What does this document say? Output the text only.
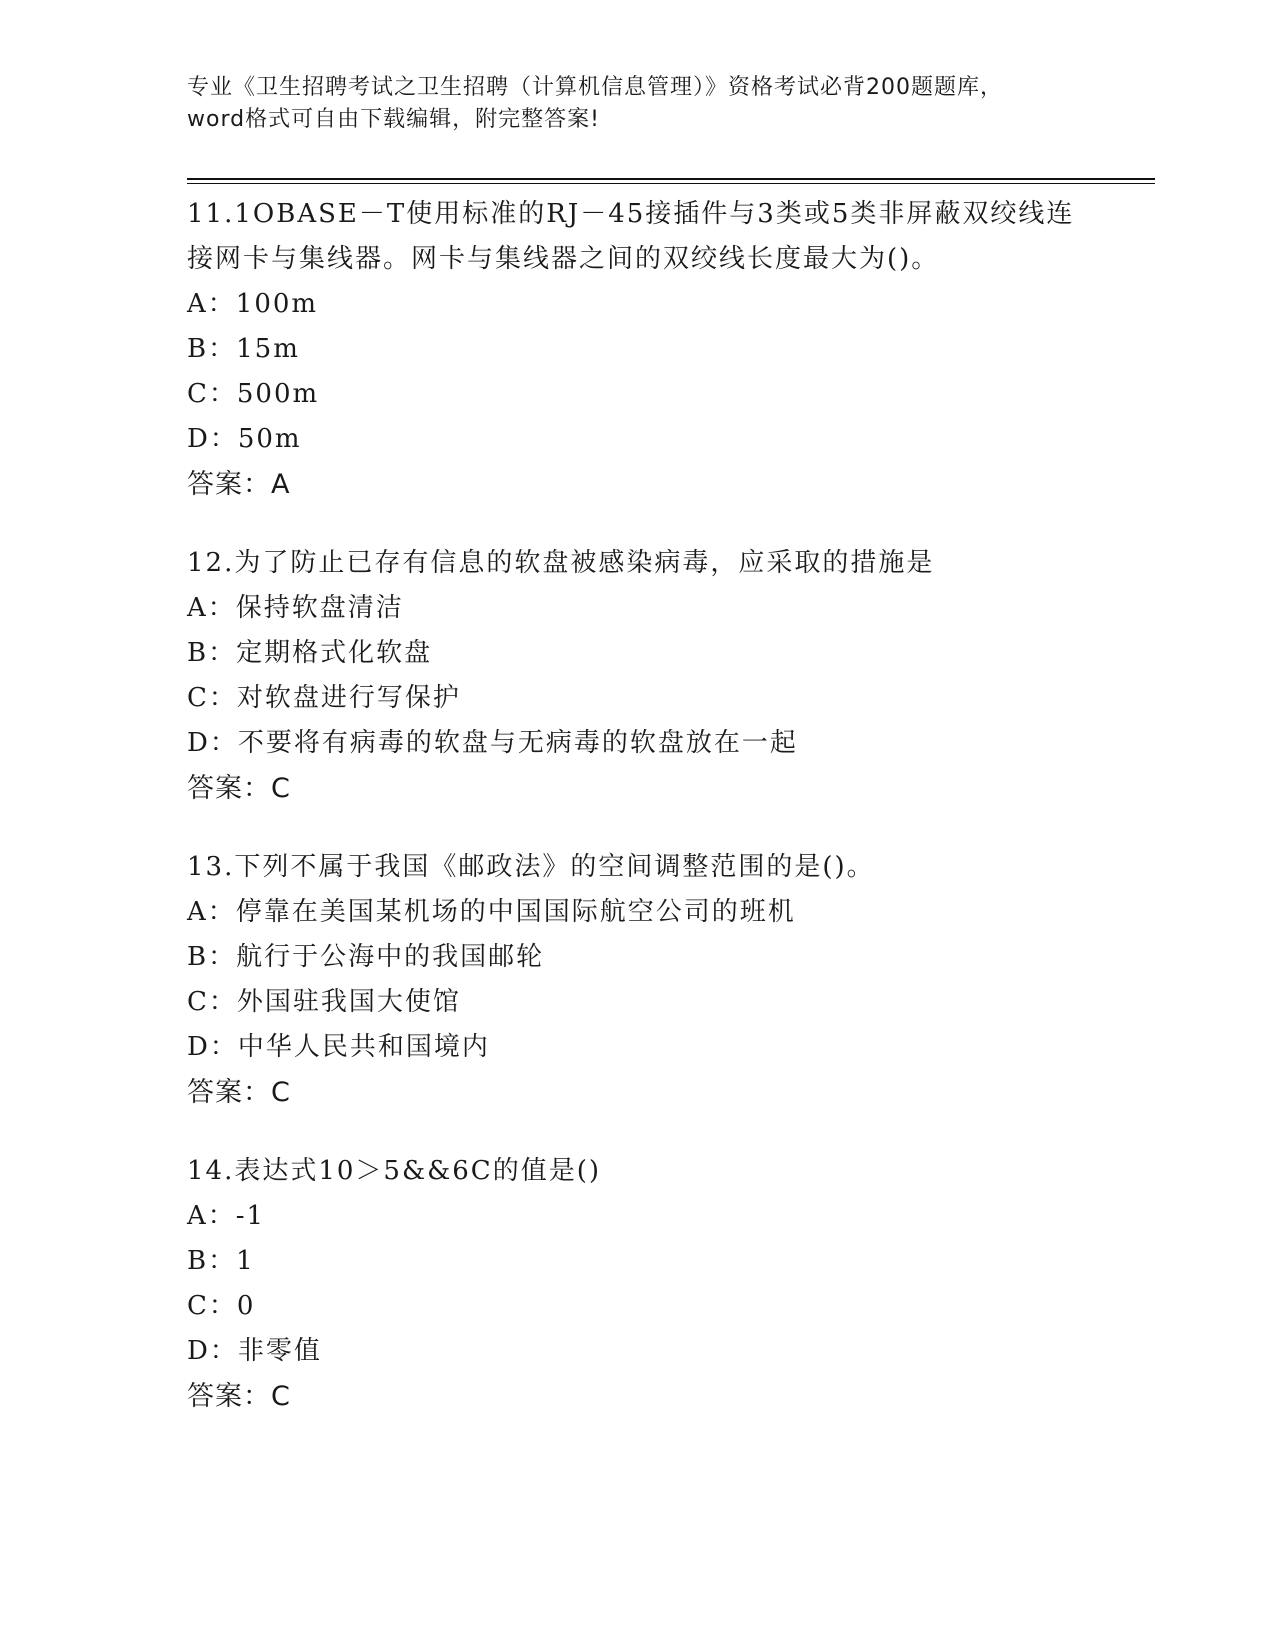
专业《卫生招聘考试之卫生招聘（计算机信息管理）》资格考试必背200题题库，
word格式可自由下载编辑，附完整答案!
11.1OBASE－T使用标准的RJ－45接插件与3类或5类非屏蔽双绞线连
接网卡与集线器。网卡与集线器之间的双绞线长度最大为()。
A：100m
B：15m
C：500m
D：50m
答案：A
12.为了防止已存有信息的软盘被感染病毒，应采取的措施是
A：保持软盘清洁
B：定期格式化软盘
C：对软盘进行写保护
D：不要将有病毒的软盘与无病毒的软盘放在一起
答案：C
13.下列不属于我国《邮政法》的空间调整范围的是()。
A：停靠在美国某机场的中国国际航空公司的班机
B：航行于公海中的我国邮轮
C：外国驻我国大使馆
D：中华人民共和国境内
答案：C
14.表达式10＞5&&6C的值是()
A：-1
B：1
C：0
D：非零值
答案：C
